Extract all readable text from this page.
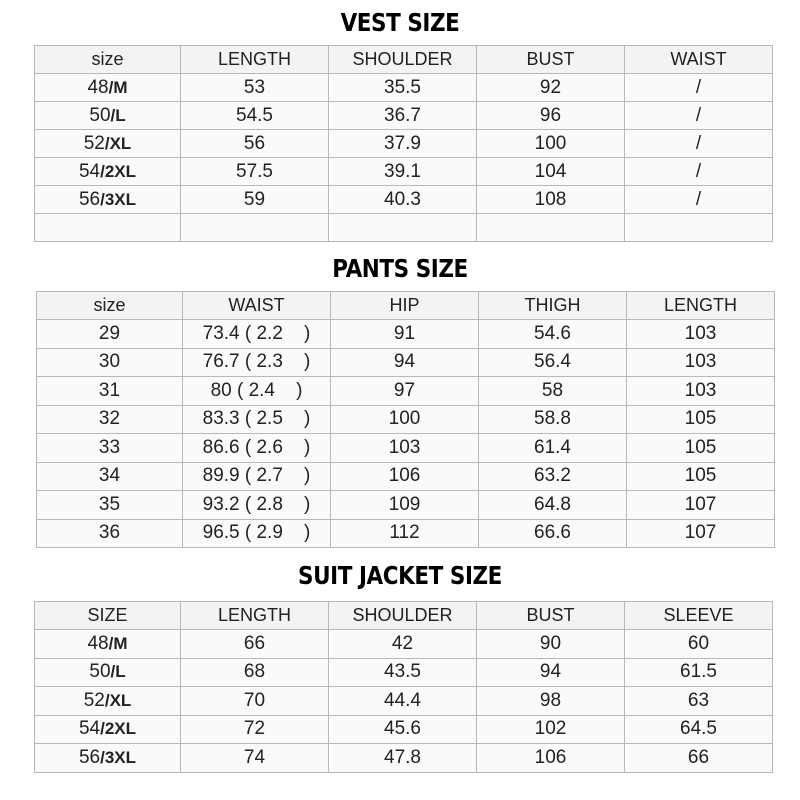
VEST SIZE
size	LENGTH	SHOULDER	BUST	WAIST
48/M	53	35.5	92	/
50/L	54.5	36.7	96	/
52/XL	56	37.9	100	/
54/2XL	57.5	39.1	104	/
56/3XL	59	40.3	108	/

PANTS SIZE
size	WAIST	HIP	THIGH	LENGTH
29	73.4 ( 2.2    )	91	54.6	103
30	76.7 ( 2.3    )	94	56.4	103
31	80 ( 2.4    )	97	58	103
32	83.3 ( 2.5    )	100	58.8	105
33	86.6 ( 2.6    )	103	61.4	105
34	89.9 ( 2.7    )	106	63.2	105
35	93.2 ( 2.8    )	109	64.8	107
36	96.5 ( 2.9    )	112	66.6	107
SUIT JACKET SIZE
SIZE	LENGTH	SHOULDER	BUST	SLEEVE
48/M	66	42	90	60
50/L	68	43.5	94	61.5
52/XL	70	44.4	98	63
54/2XL	72	45.6	102	64.5
56/3XL	74	47.8	106	66
